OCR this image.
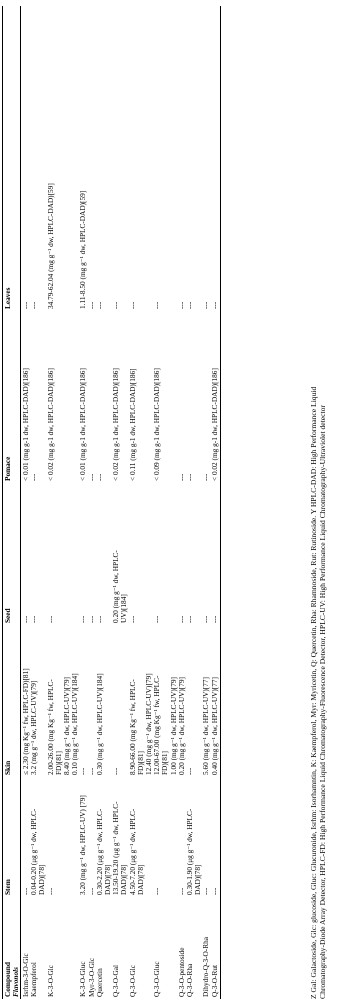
Compound
Stem
Skin
Seed
Pomace
Leaves
Flavonols Isrhm-3-O-Glc
---
≤ 2.30 (mg Kg⁻¹ fw, HPLC-FD)[81]
---
< 0.01 (mg g-1 dw, HPLC-DAD)[186]
---
Kaempferol
0.04-0.20 (μg g⁻¹ dw, HPLC- DAD)[78]
3.2 (mg g⁻¹ dw, HPLC-UV)[79]
---
---
---
K-3-O-Glc
---
2.00-26.00 (mg Kg⁻¹ fw, HPLC- FD)[81] 8.40 (mg g⁻¹ dw, HPLC-UV)[79] 0.10 (mg g⁻¹ dw, HPLC-UV)[184]
---
< 0.02 (mg g-1 dw, HPLC-DAD)[186]
34.79-62.04 (mg g⁻¹ dw, HPLC-DAD)[59]
K-3-O-Gluc
3.20 (mg g⁻¹ dw, HPLC-UV) [79]
---
---
< 0.01 (mg g-1 dw, HPLC-DAD)[186]
1.11-8.50 (mg g⁻¹ dw, HPLC-DAD)[59]
Myr-3-O-Glc
---
---
---
---
---
Quercetin
0.30-2.20 (μg g⁻¹ dw, HPLC- DAD)[78]
0.30 (mg g⁻¹ dw, HPLC-UV)[184]
---
---
---
Q-3-O-Gal
13.50-19.20 (μg g⁻¹ dw, HPLC- DAD)[78]
---
0.20 (mg g⁻¹ dw, HPLC- UV)[184]
< 0.02 (mg g-1 dw, HPLC-DAD)[186]
---
Q-3-O-Glc
4.50-7.20 (μg g⁻¹ dw, HPLC- DAD)[78]
8.90-66.00 (mg Kg⁻¹ fw, HPLC- FD)[81] 12.40 (mg g⁻¹ dw, HPLC-UV)[79]
---
< 0.11 (mg g-1 dw, HPLC-DAD)[186]
---
Q-3-O-Gluc
---
12.00-67.00 (mg Kg⁻¹ fw, HPLC- FD)[81] 1.00 (mg g⁻¹ dw, HPLC-UV)[79]
---
< 0.09 (mg g-1 dw, HPLC-DAD)[186]
---
Q-3-O-pentoside
---
0.20 (mg g⁻¹ dw, HPLC-UV)[79]
---
---
---
Q-3-O-Rha
0.30-1.90 (μg g⁻¹ dw, HPLC- DAD)[78]
---
---
---
---
Dihydro-Q-3-O-Rha
---
5.60 (mg g⁻¹ dw, HPLC-UV)[77]
---
---
---
Q-3-O-Rut
---
0.40 (mg g⁻¹ dw, HPLC-UV)[77]
---
< 0.02 (mg g-1 dw, HPLC-DAD)[186]
---
Z Gal: Galactoside, Glc: glucoside, Gluc: Glucuronide, Isrhm: Isorhamntin, K: Kaempferol, Myr: Myricetin, Q: Quercetin, Rha: Rhamnoside, Rut: Rutinoside. Y HPLC-DAD: High Performance Liquid Chromatography-Diode Array Detector, HPLC-FD: High Performance Liquid Chromatography-Fluorescence Detector, HPLC-UV: High Performance Liquid Chromatography-Ultraviolet detector
